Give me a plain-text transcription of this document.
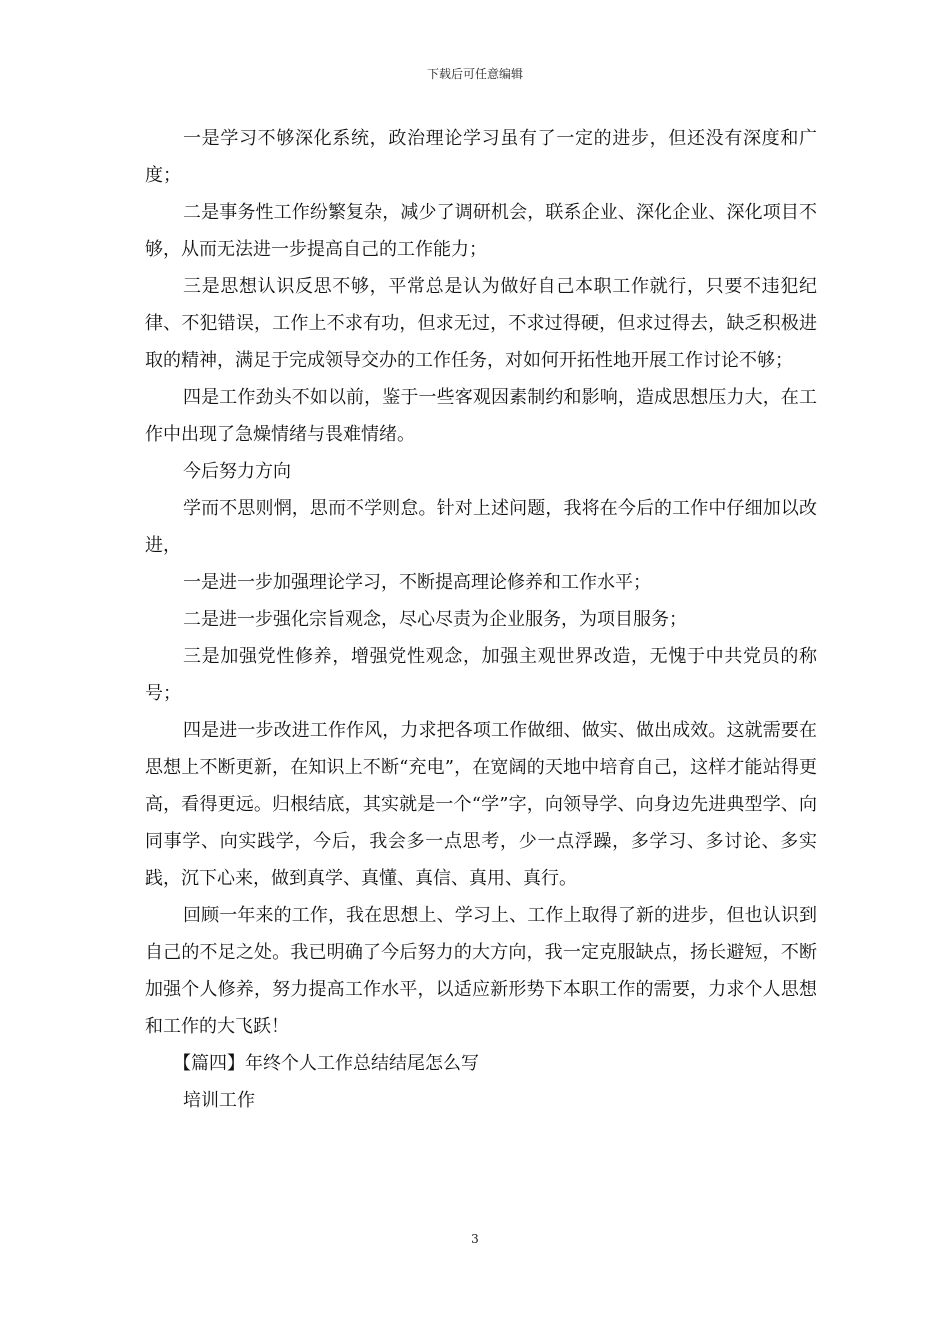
下载后可任意编辑

一是学习不够深化系统，政治理论学习虽有了一定的进步，但还没有深度和广度；

二是事务性工作纷繁复杂，减少了调研机会，联系企业、深化企业、深化项目不够，从而无法进一步提高自己的工作能力；

三是思想认识反思不够，平常总是认为做好自己本职工作就行，只要不违犯纪律、不犯错误，工作上不求有功，但求无过，不求过得硬，但求过得去，缺乏积极进取的精神，满足于完成领导交办的工作任务，对如何开拓性地开展工作讨论不够；

四是工作劲头不如以前，鉴于一些客观因素制约和影响，造成思想压力大，在工作中出现了急燥情绪与畏难情绪。

今后努力方向

学而不思则惘，思而不学则怠。针对上述问题，我将在今后的工作中仔细加以改进，

一是进一步加强理论学习，不断提高理论修养和工作水平；

二是进一步强化宗旨观念，尽心尽责为企业服务，为项目服务；

三是加强党性修养，增强党性观念，加强主观世界改造，无愧于中共党员的称号；

四是进一步改进工作作风，力求把各项工作做细、做实、做出成效。这就需要在思想上不断更新，在知识上不断“充电”，在宽阔的天地中培育自己，这样才能站得更高，看得更远。归根结底，其实就是一个“学”字，向领导学、向身边先进典型学、向同事学、向实践学，今后，我会多一点思考，少一点浮躁，多学习、多讨论、多实践，沉下心来，做到真学、真懂、真信、真用、真行。

回顾一年来的工作，我在思想上、学习上、工作上取得了新的进步，但也认识到自己的不足之处。我已明确了今后努力的大方向，我一定克服缺点，扬长避短，不断加强个人修养，努力提高工作水平，以适应新形势下本职工作的需要，力求个人思想和工作的大飞跃！

【篇四】年终个人工作总结结尾怎么写

培训工作

3
